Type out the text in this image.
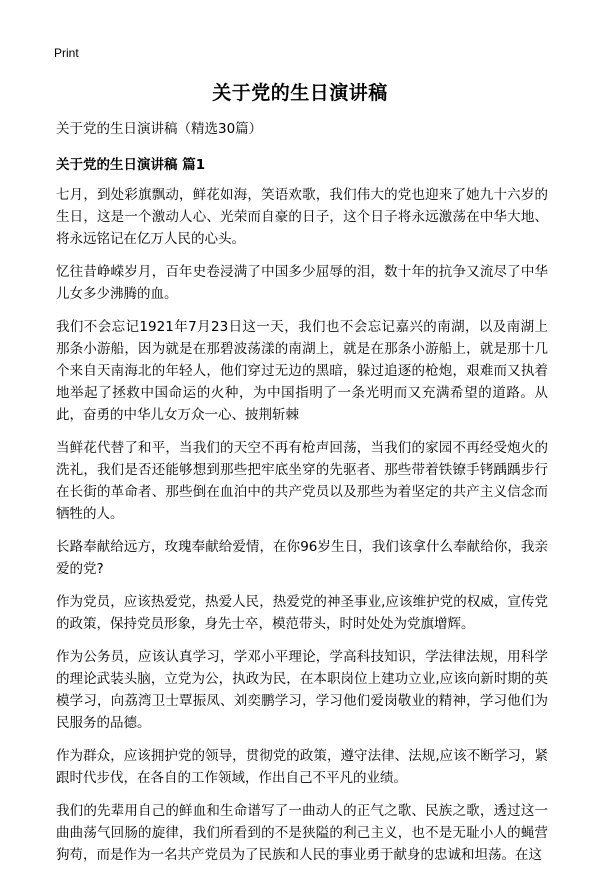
Print
关于党的生日演讲稿

关于党的生日演讲稿（精选30篇）

关于党的生日演讲稿 篇1

七月，到处彩旗飘动，鲜花如海，笑语欢歌，我们伟大的党也迎来了她九十六岁的生日，这是一个激动人心、光荣而自豪的日子，这个日子将永远激荡在中华大地、将永远铭记在亿万人民的心头。

忆往昔峥嵘岁月，百年史卷浸满了中国多少屈辱的泪，数十年的抗争又流尽了中华儿女多少沸腾的血。

我们不会忘记1921年7月23日这一天，我们也不会忘记嘉兴的南湖，以及南湖上那条小游船，因为就是在那碧波荡漾的南湖上，就是在那条小游船上，就是那十几个来自天南海北的年轻人，他们穿过无边的黑暗，躲过追逐的枪炮，艰难而又执着地举起了拯救中国命运的火种，为中国指明了一条光明而又充满希望的道路。从此，奋勇的中华儿女万众一心、披荆斩棘

当鲜花代替了和平，当我们的天空不再有枪声回荡，当我们的家园不再经受炮火的洗礼，我们是否还能够想到那些把牢底坐穿的先驱者、那些带着铁镣手铐踽踽步行在长街的革命者、那些倒在血泊中的共产党员以及那些为着坚定的共产主义信念而牺牲的人。

长路奉献给远方，玫瑰奉献给爱情，在你96岁生日，我们该拿什么奉献给你，我亲爱的党?

作为党员，应该热爱党，热爱人民，热爱党的神圣事业,应该维护党的权威，宣传党的政策，保持党员形象，身先士卒，模范带头，时时处处为党旗增辉。

作为公务员，应该认真学习，学邓小平理论，学高科技知识，学法律法规，用科学的理论武装头脑，立党为公，执政为民，在本职岗位上建功立业,应该向新时期的英模学习，向荔湾卫士覃振凤、刘奕鹏学习，学习他们爱岗敬业的精神，学习他们为民服务的品德。

作为群众，应该拥护党的领导，贯彻党的政策，遵守法律、法规,应该不断学习，紧跟时代步伐，在各自的工作领域，作出自己不平凡的业绩。

我们的先辈用自己的鲜血和生命谱写了一曲动人的正气之歌、民族之歌，透过这一曲曲荡气回肠的旋律，我们所看到的不是狭隘的利己主义，也不是无耻小人的蝇营狗苟，而是作为一名共产党员为了民族和人民的事业勇于献身的忠诚和坦荡。在这
